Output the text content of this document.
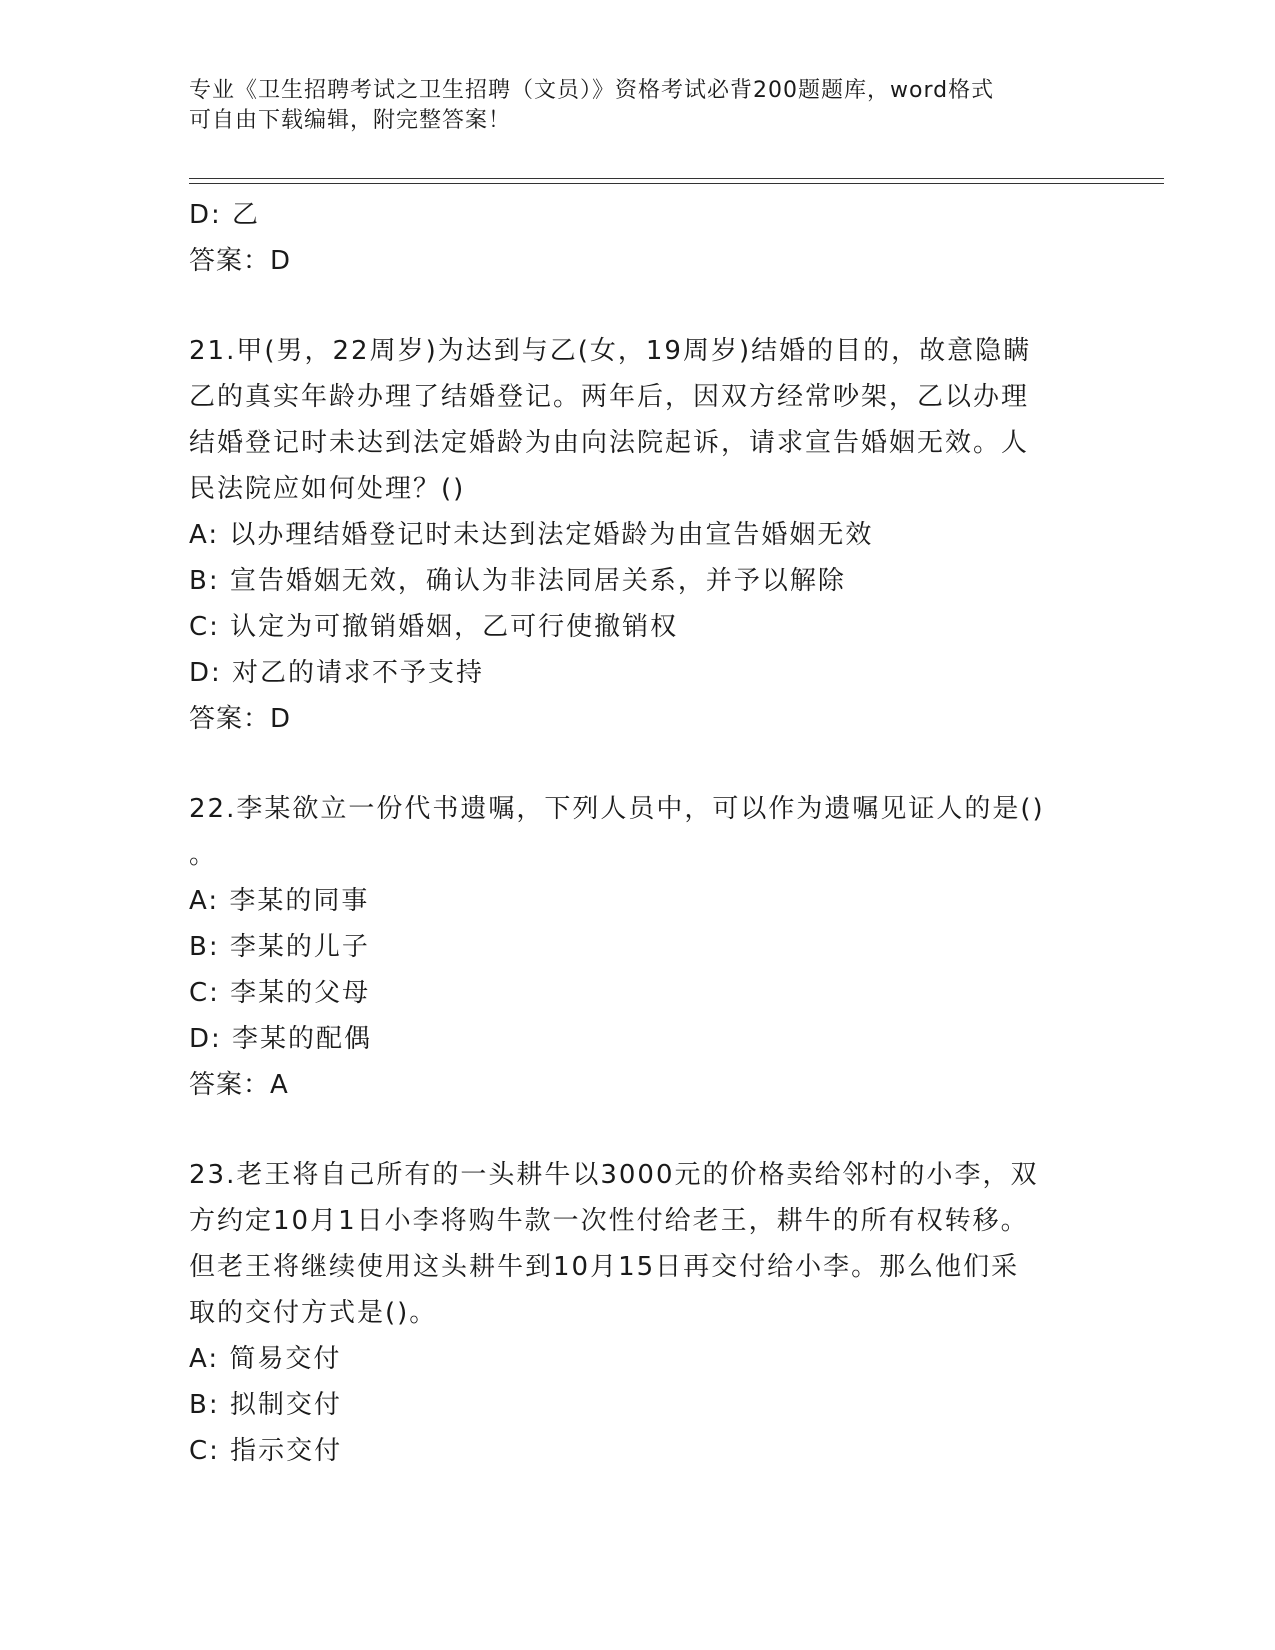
专业《卫生招聘考试之卫生招聘（文员）》资格考试必背200题题库，word格式
可自由下载编辑，附完整答案！
D: 乙
答案：D
21.甲(男，22周岁)为达到与乙(女，19周岁)结婚的目的，故意隐瞒
乙的真实年龄办理了结婚登记。两年后，因双方经常吵架，乙以办理
结婚登记时未达到法定婚龄为由向法院起诉，请求宣告婚姻无效。人
民法院应如何处理？()
A: 以办理结婚登记时未达到法定婚龄为由宣告婚姻无效
B: 宣告婚姻无效，确认为非法同居关系，并予以解除
C: 认定为可撤销婚姻，乙可行使撤销权
D: 对乙的请求不予支持
答案：D
22.李某欲立一份代书遗嘱，下列人员中，可以作为遗嘱见证人的是()
。
A: 李某的同事
B: 李某的儿子
C: 李某的父母
D: 李某的配偶
答案：A
23.老王将自己所有的一头耕牛以3000元的价格卖给邻村的小李，双
方约定10月1日小李将购牛款一次性付给老王，耕牛的所有权转移。
但老王将继续使用这头耕牛到10月15日再交付给小李。那么他们采
取的交付方式是()。
A: 简易交付
B: 拟制交付
C: 指示交付
